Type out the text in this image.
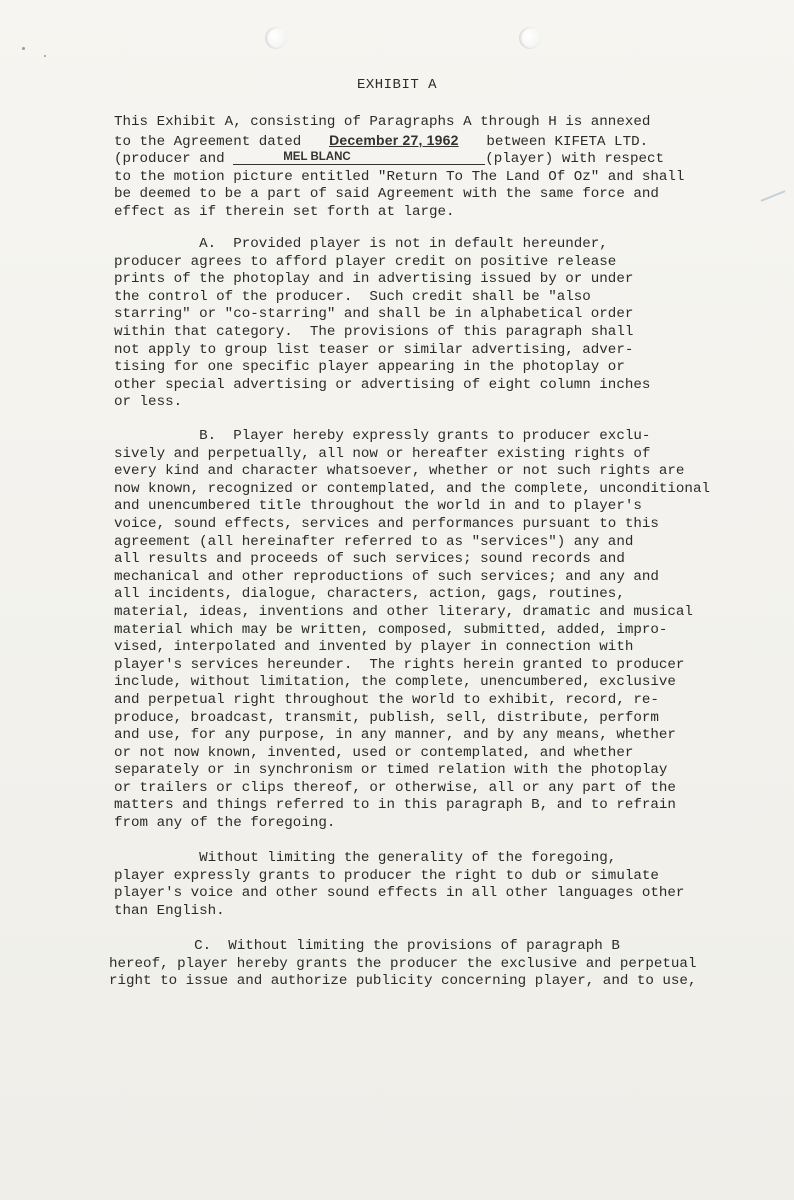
EXHIBIT A
This Exhibit A, consisting of Paragraphs A through H is annexed
to the Agreement dated December 27, 1962 between KIFETA LTD.
(producer and	MEL BLANC	(player) with respect
to the motion picture entitled "Return To The Land Of Oz" and shall
be deemed to be a part of said Agreement with the same force and
effect as if therein set forth at large.
A.  Provided player is not in default hereunder,
producer agrees to afford player credit on positive release
prints of the photoplay and in advertising issued by or under
the control of the producer.  Such credit shall be "also
starring" or "co-starring" and shall be in alphabetical order
within that category.  The provisions of this paragraph shall
not apply to group list teaser or similar advertising, adver-
tising for one specific player appearing in the photoplay or
other special advertising or advertising of eight column inches
or less.
B.  Player hereby expressly grants to producer exclu-
sively and perpetually, all now or hereafter existing rights of
every kind and character whatsoever, whether or not such rights are
now known, recognized or contemplated, and the complete, unconditional
and unencumbered title throughout the world in and to player's
voice, sound effects, services and performances pursuant to this
agreement (all hereinafter referred to as "services") any and
all results and proceeds of such services; sound records and
mechanical and other reproductions of such services; and any and
all incidents, dialogue, characters, action, gags, routines,
material, ideas, inventions and other literary, dramatic and musical
material which may be written, composed, submitted, added, impro-
vised, interpolated and invented by player in connection with
player's services hereunder.  The rights herein granted to producer
include, without limitation, the complete, unencumbered, exclusive
and perpetual right throughout the world to exhibit, record, re-
produce, broadcast, transmit, publish, sell, distribute, perform
and use, for any purpose, in any manner, and by any means, whether
or not now known, invented, used or contemplated, and whether
separately or in synchronism or timed relation with the photoplay
or trailers or clips thereof, or otherwise, all or any part of the
matters and things referred to in this paragraph B, and to refrain
from any of the foregoing.
Without limiting the generality of the foregoing,
player expressly grants to producer the right to dub or simulate
player's voice and other sound effects in all other languages other
than English.
C.  Without limiting the provisions of paragraph B
hereof, player hereby grants the producer the exclusive and perpetual
right to issue and authorize publicity concerning player, and to use,
